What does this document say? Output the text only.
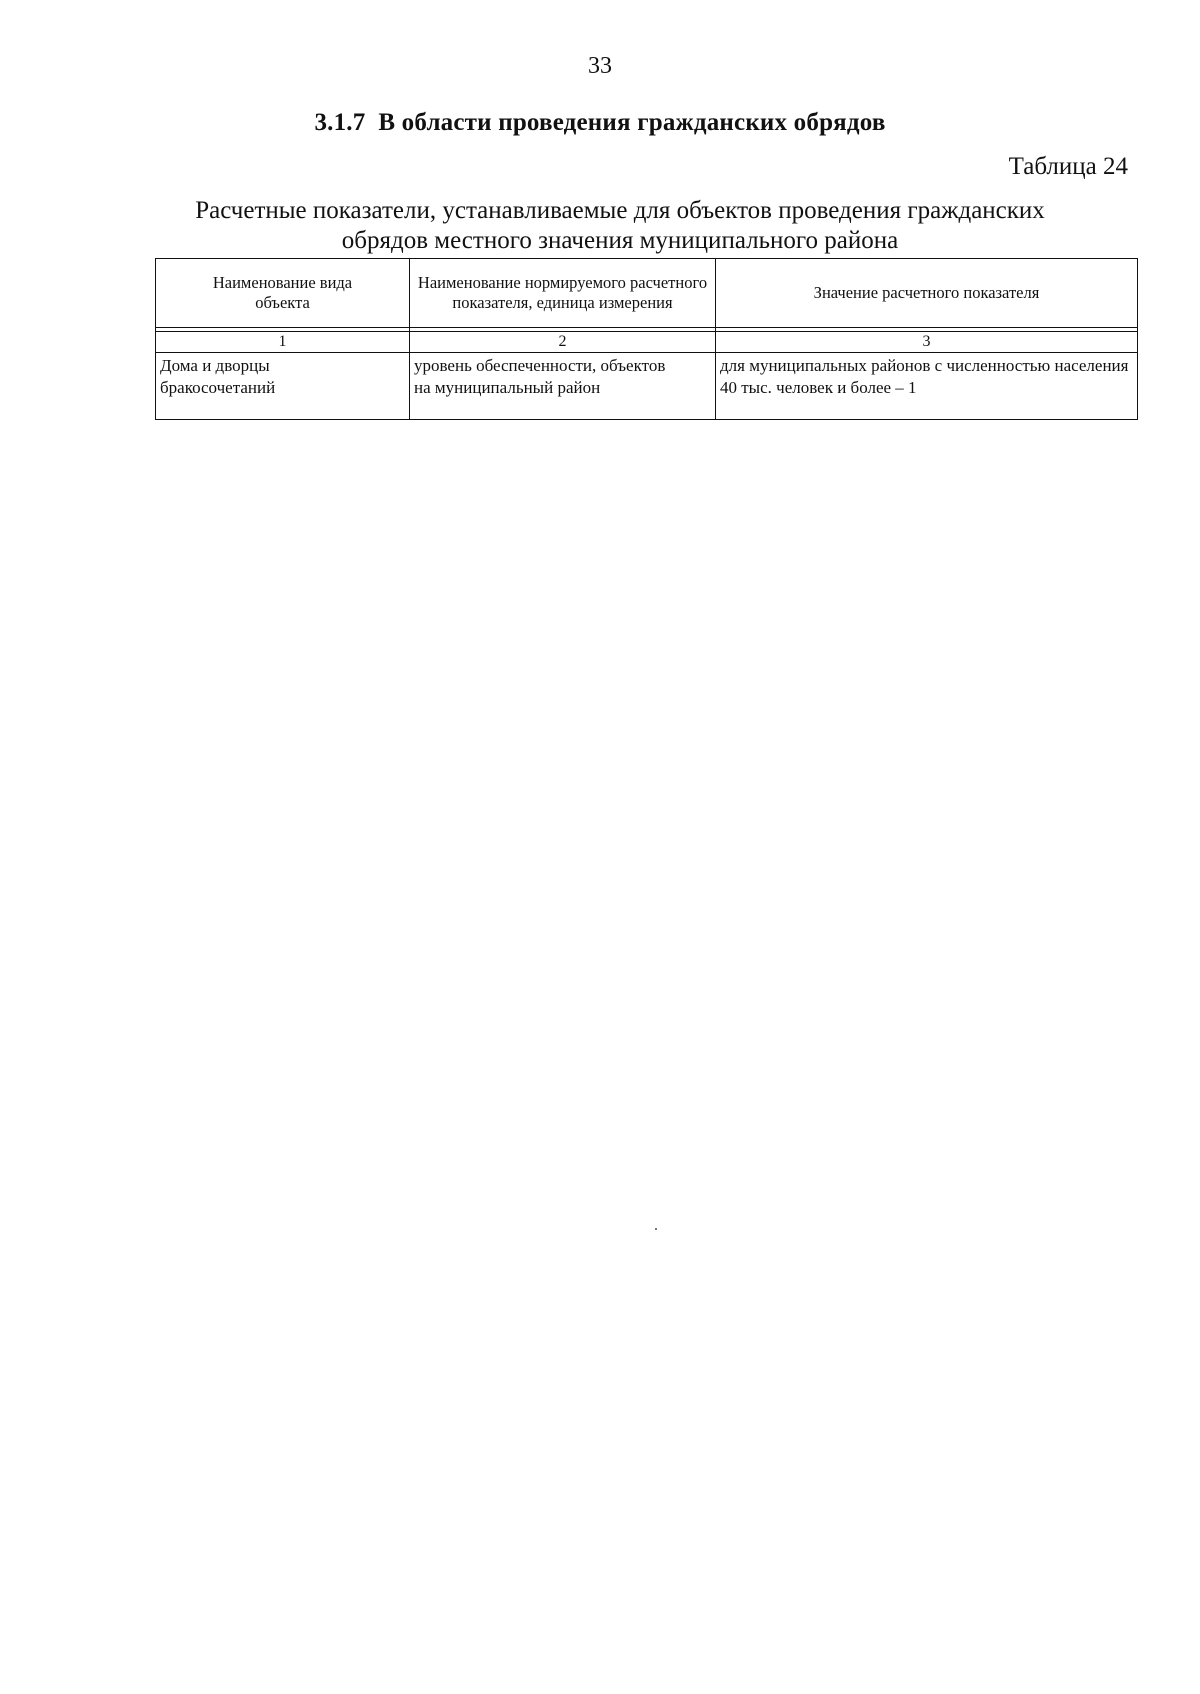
33
3.1.7  В области проведения гражданских обрядов
Таблица 24
Расчетные показатели, устанавливаемые для объектов проведения гражданских обрядов местного значения муниципального района
Наименование вида объекта	Наименование нормируемого расчетного показателя, единица измерения	Значение расчетного показателя

1	2	3
Дома и дворцы бракосочетаний	уровень обеспеченности, объектов на муниципальный район	для муниципальных районов с численностью населения 40 тыс. человек и более – 1
